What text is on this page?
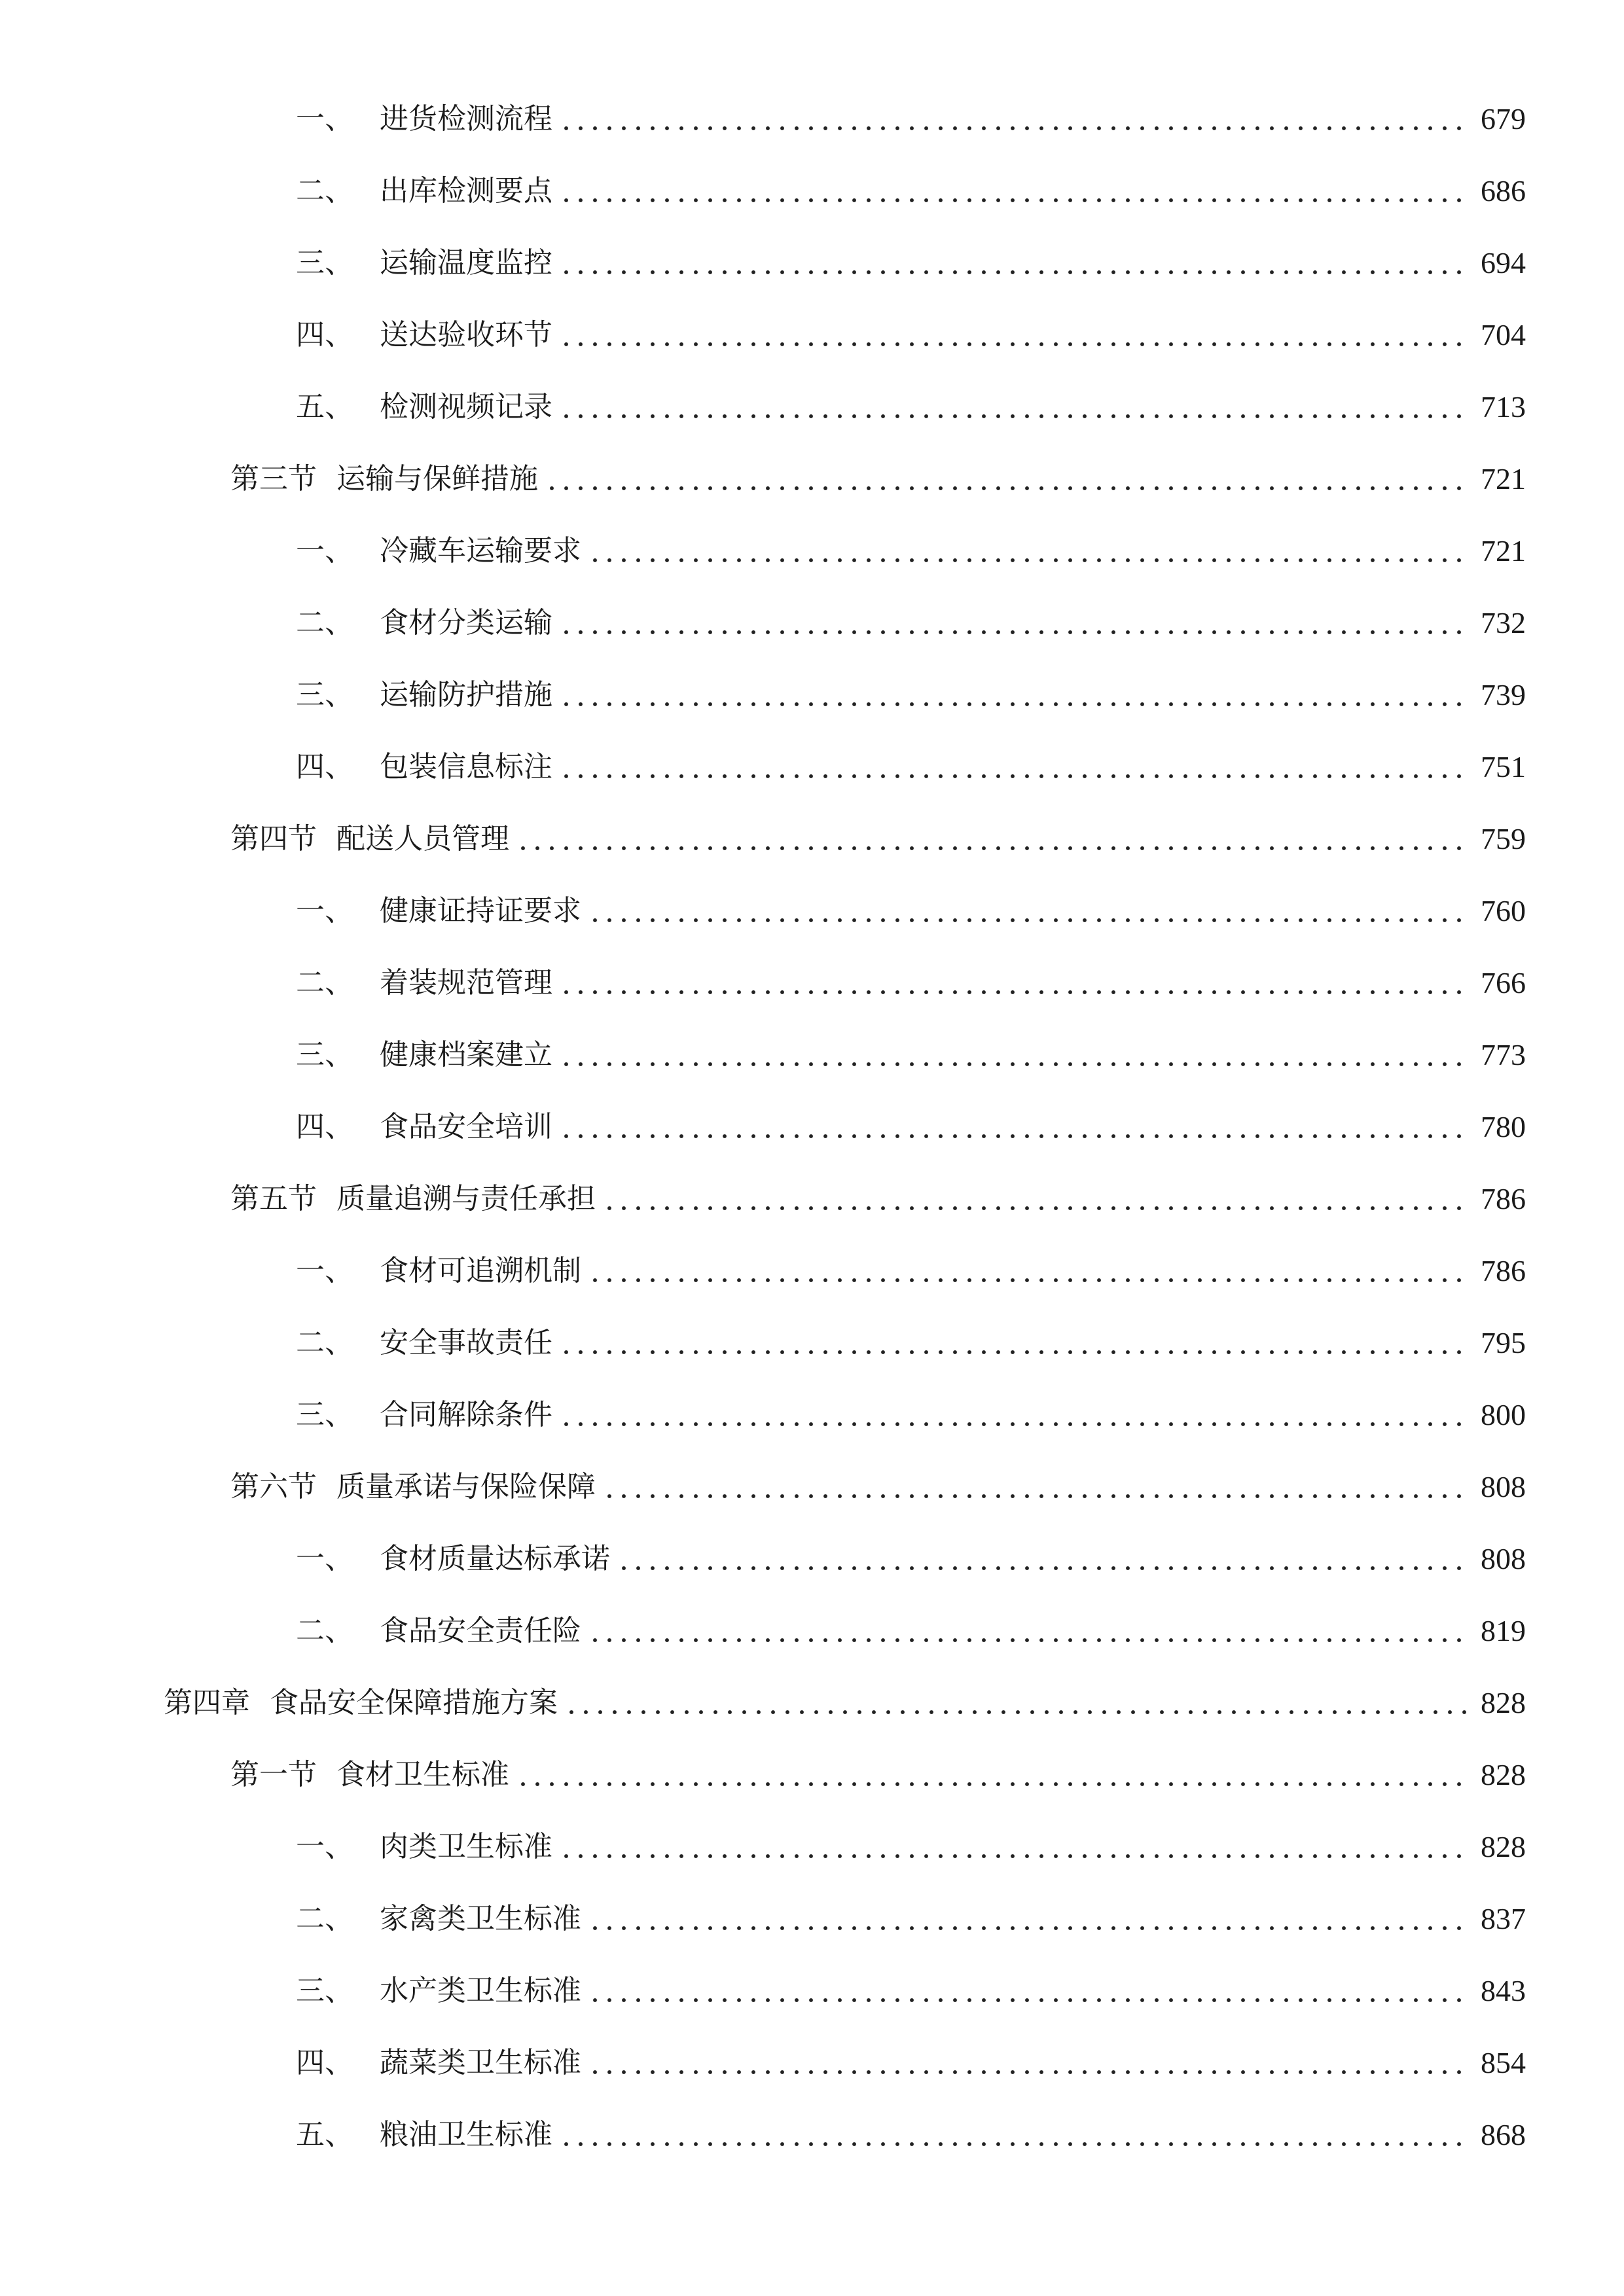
一、 进货检测流程	679
二、 出库检测要点	686
三、 运输温度监控	694
四、 送达验收环节	704
五、 检测视频记录	713
第三节 运输与保鲜措施	721
一、 冷藏车运输要求	721
二、 食材分类运输	732
三、 运输防护措施	739
四、 包装信息标注	751
第四节 配送人员管理	759
一、 健康证持证要求	760
二、 着装规范管理	766
三、 健康档案建立	773
四、 食品安全培训	780
第五节 质量追溯与责任承担	786
一、 食材可追溯机制	786
二、 安全事故责任	795
三、 合同解除条件	800
第六节 质量承诺与保险保障	808
一、 食材质量达标承诺	808
二、 食品安全责任险	819
第四章 食品安全保障措施方案	828
第一节 食材卫生标准	828
一、 肉类卫生标准	828
二、 家禽类卫生标准	837
三、 水产类卫生标准	843
四、 蔬菜类卫生标准	854
五、 粮油卫生标准	868
